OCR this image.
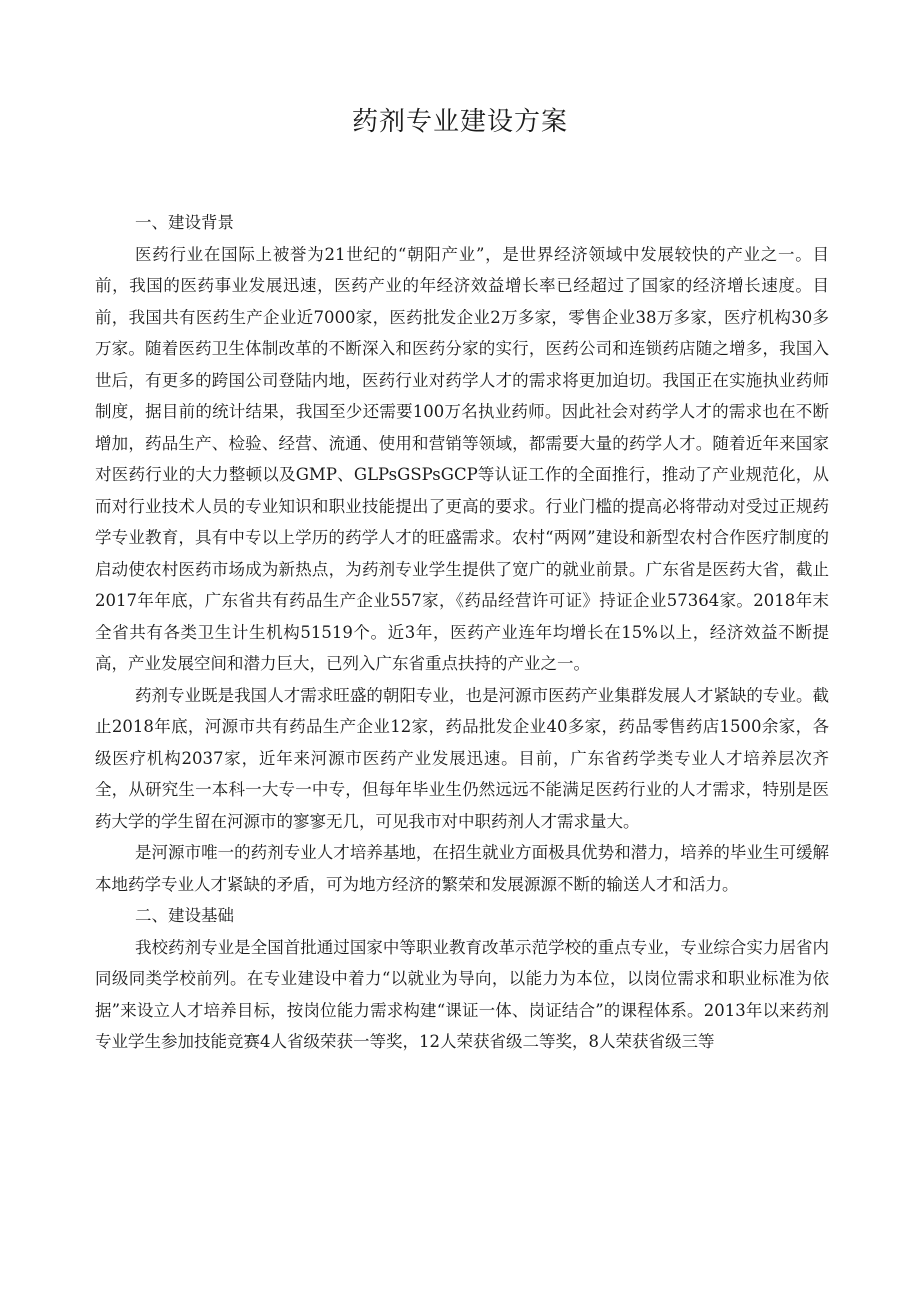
药剂专业建设方案

一、建设背景

医药行业在国际上被誉为21世纪的“朝阳产业”，是世界经济领域中发展较快的产业之一。目前，我国的医药事业发展迅速，医药产业的年经济效益增长率已经超过了国家的经济增长速度。目前，我国共有医药生产企业近7000家，医药批发企业2万多家，零售企业38万多家，医疗机构30多万家。随着医药卫生体制改革的不断深入和医药分家的实行，医药公司和连锁药店随之增多，我国入世后，有更多的跨国公司登陆内地，医药行业对药学人才的需求将更加迫切。我国正在实施执业药师制度，据目前的统计结果，我国至少还需要100万名执业药师。因此社会对药学人才的需求也在不断增加，药品生产、检验、经营、流通、使用和营销等领域，都需要大量的药学人才。随着近年来国家对医药行业的大力整顿以及GMP、GLPsGSPsGCP等认证工作的全面推行，推动了产业规范化，从而对行业技术人员的专业知识和职业技能提出了更高的要求。行业门槛的提高必将带动对受过正规药学专业教育，具有中专以上学历的药学人才的旺盛需求。农村“两网”建设和新型农村合作医疗制度的启动使农村医药市场成为新热点，为药剂专业学生提供了宽广的就业前景。广东省是医药大省，截止2017年年底，广东省共有药品生产企业557家，《药品经营许可证》持证企业57364家。2018年末全省共有各类卫生计生机构51519个。近3年，医药产业连年均增长在15%以上，经济效益不断提高，产业发展空间和潜力巨大，已列入广东省重点扶持的产业之一。

药剂专业既是我国人才需求旺盛的朝阳专业，也是河源市医药产业集群发展人才紧缺的专业。截止2018年底，河源市共有药品生产企业12家，药品批发企业40多家，药品零售药店1500余家，各级医疗机构2037家，近年来河源市医药产业发展迅速。目前，广东省药学类专业人才培养层次齐全，从研究生一本科一大专一中专，但每年毕业生仍然远远不能满足医药行业的人才需求，特别是医药大学的学生留在河源市的寥寥无几，可见我市对中职药剂人才需求量大。

是河源市唯一的药剂专业人才培养基地，在招生就业方面极具优势和潜力，培养的毕业生可缓解本地药学专业人才紧缺的矛盾，可为地方经济的繁荣和发展源源不断的输送人才和活力。

二、建设基础

我校药剂专业是全国首批通过国家中等职业教育改革示范学校的重点专业，专业综合实力居省内同级同类学校前列。在专业建设中着力“以就业为导向，以能力为本位，以岗位需求和职业标准为依据”来设立人才培养目标，按岗位能力需求构建“课证一体、岗证结合”的课程体系。2013年以来药剂专业学生参加技能竞赛4人省级荣获一等奖，12人荣获省级二等奖，8人荣获省级三等
